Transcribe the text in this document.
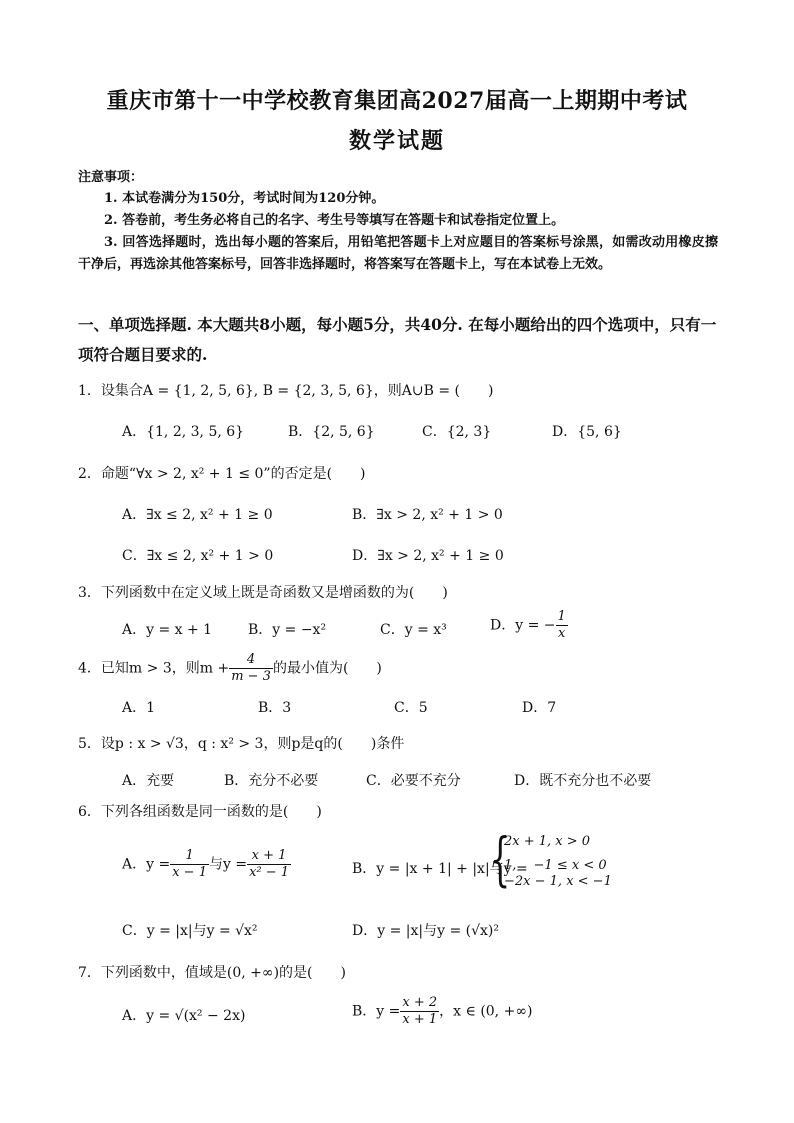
重庆市第十一中学校教育集团高2027届高一上期期中考试
数学试题
注意事项：
1. 本试卷满分为150分，考试时间为120分钟。
2. 答卷前，考生务必将自己的名字、考生号等填写在答题卡和试卷指定位置上。
3. 回答选择题时，选出每小题的答案后，用铅笔把答题卡上对应题目的答案标号涂黑，如需改动用橡皮擦干净后，再选涂其他答案标号，回答非选择题时，将答案写在答题卡上，写在本试卷上无效。
一、单项选择题. 本大题共8小题，每小题5分，共40分. 在每小题给出的四个选项中，只有一项符合题目要求的.
1．设集合A = {1, 2, 5, 6}, B = {2, 3, 5, 6}，则A∪B = (　　)
A．{1, 2, 3, 5, 6}	B．{2, 5, 6}	C．{2, 3}	D．{5, 6}
2．命题“∀x > 2, x² + 1 ≤ 0”的否定是(　　)
A．∃x ≤ 2, x² + 1 ≥ 0	B．∃x > 2, x² + 1 > 0
C．∃x ≤ 2, x² + 1 > 0	D．∃x > 2, x² + 1 ≥ 0
3．下列函数中在定义域上既是奇函数又是增函数的为(　　)
A．y = x + 1	B．y = −x²	C．y = x³	D．y = − $\frac{1}{x}$
4．已知m > 3，则$m + \frac{4}{m - 3}$ 的最小值为(　　)
A．1	B．3	C．5	D．7
5．设p : x > √3，q : x² > 3，则p是q的(　　)条件
A．充要	B．充分不必要	C．必要不充分	D．既不充分也不必要
6．下列各组函数是同一函数的是(　　)
A．$y = \frac{1}{x - 1}$ 与$y = \frac{x + 1}{\text{x² − 1}}$	B．y = |x + 1| + |x|与y =
{
2x + 1, x > 0
1,　 −1 ≤ x < 0
−2x − 1, x < −1
C．y = |x|与y = √x²	D．y = |x|与y = (√x)²
7．下列函数中，值域是(0, +∞)的是(　　)
A．y = √(x² − 2x)	B．$y = \frac{x + 2}{x + 1}$ ，x ∈ (0, +∞)
